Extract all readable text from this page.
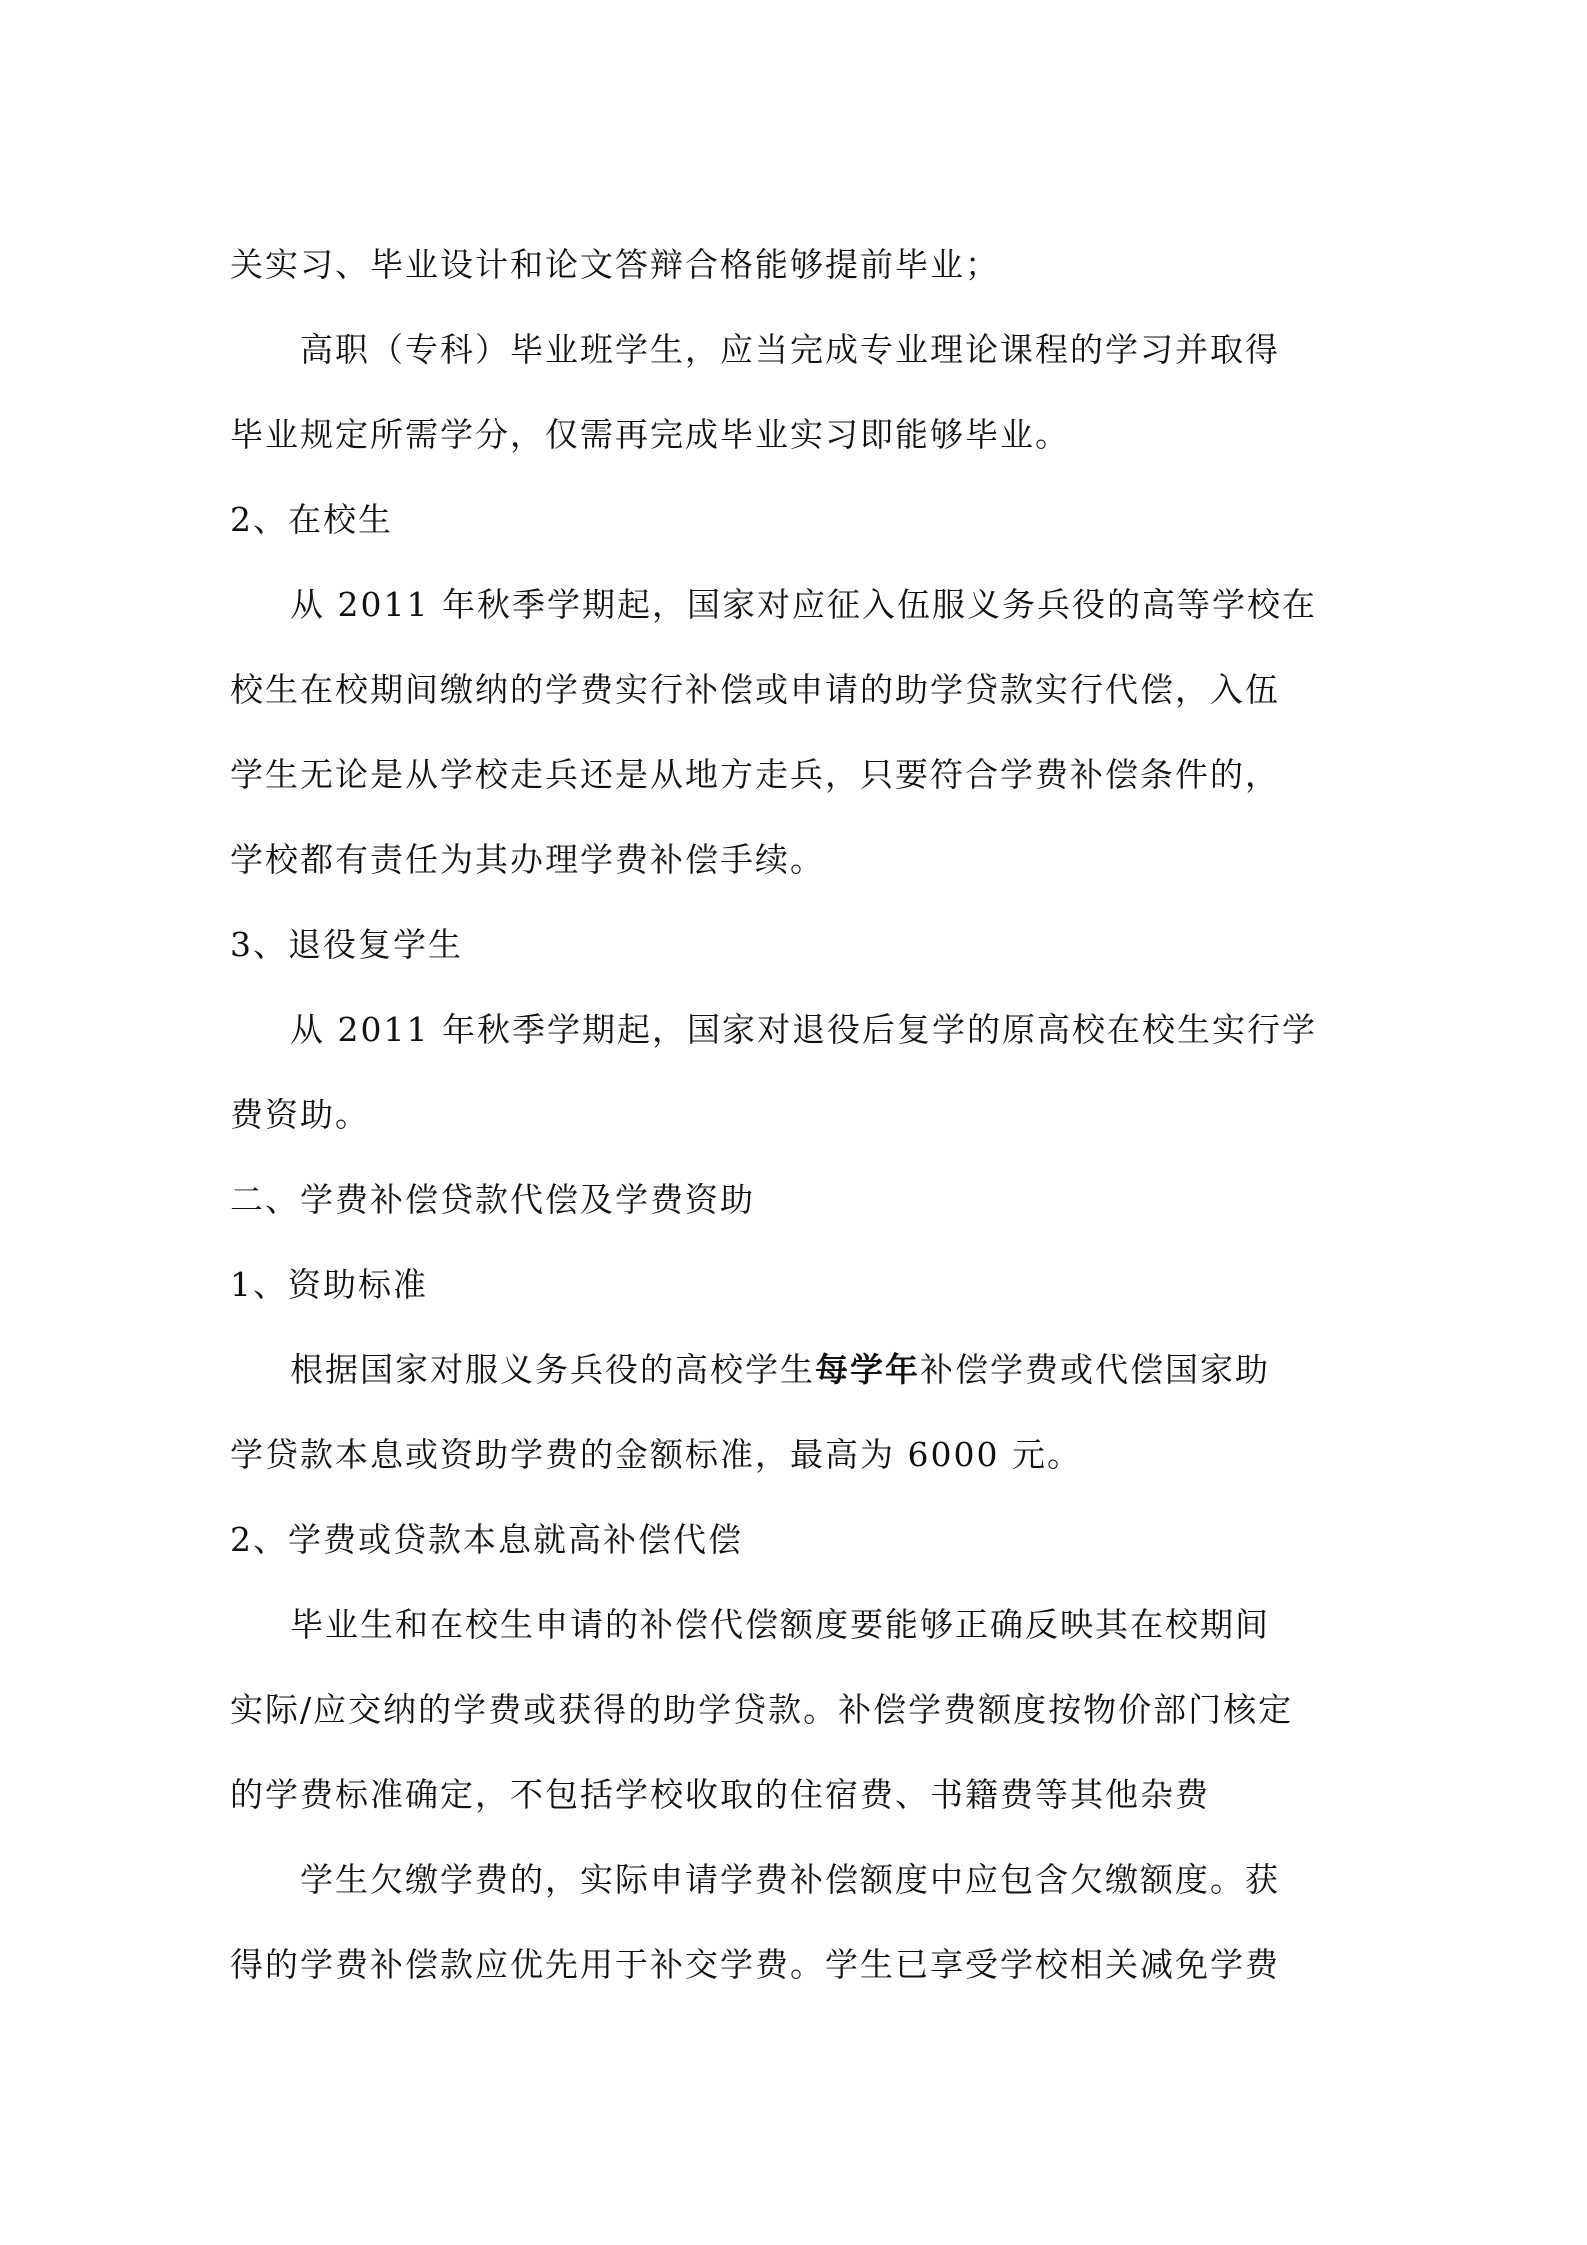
关实习、毕业设计和论文答辩合格能够提前毕业；
高职（专科）毕业班学生，应当完成专业理论课程的学习并取得
毕业规定所需学分，仅需再完成毕业实习即能够毕业。
2、在校生
从 2011 年秋季学期起，国家对应征入伍服义务兵役的高等学校在
校生在校期间缴纳的学费实行补偿或申请的助学贷款实行代偿，入伍
学生无论是从学校走兵还是从地方走兵，只要符合学费补偿条件的，
学校都有责任为其办理学费补偿手续。
3、退役复学生
从 2011 年秋季学期起，国家对退役后复学的原高校在校生实行学
费资助。
二、学费补偿贷款代偿及学费资助
1、资助标准
根据国家对服义务兵役的高校学生每学年补偿学费或代偿国家助
学贷款本息或资助学费的金额标准，最高为 6000 元。
2、学费或贷款本息就高补偿代偿
毕业生和在校生申请的补偿代偿额度要能够正确反映其在校期间
实际/应交纳的学费或获得的助学贷款。补偿学费额度按物价部门核定
的学费标准确定，不包括学校收取的住宿费、书籍费等其他杂费
学生欠缴学费的，实际申请学费补偿额度中应包含欠缴额度。获
得的学费补偿款应优先用于补交学费。学生已享受学校相关减免学费
